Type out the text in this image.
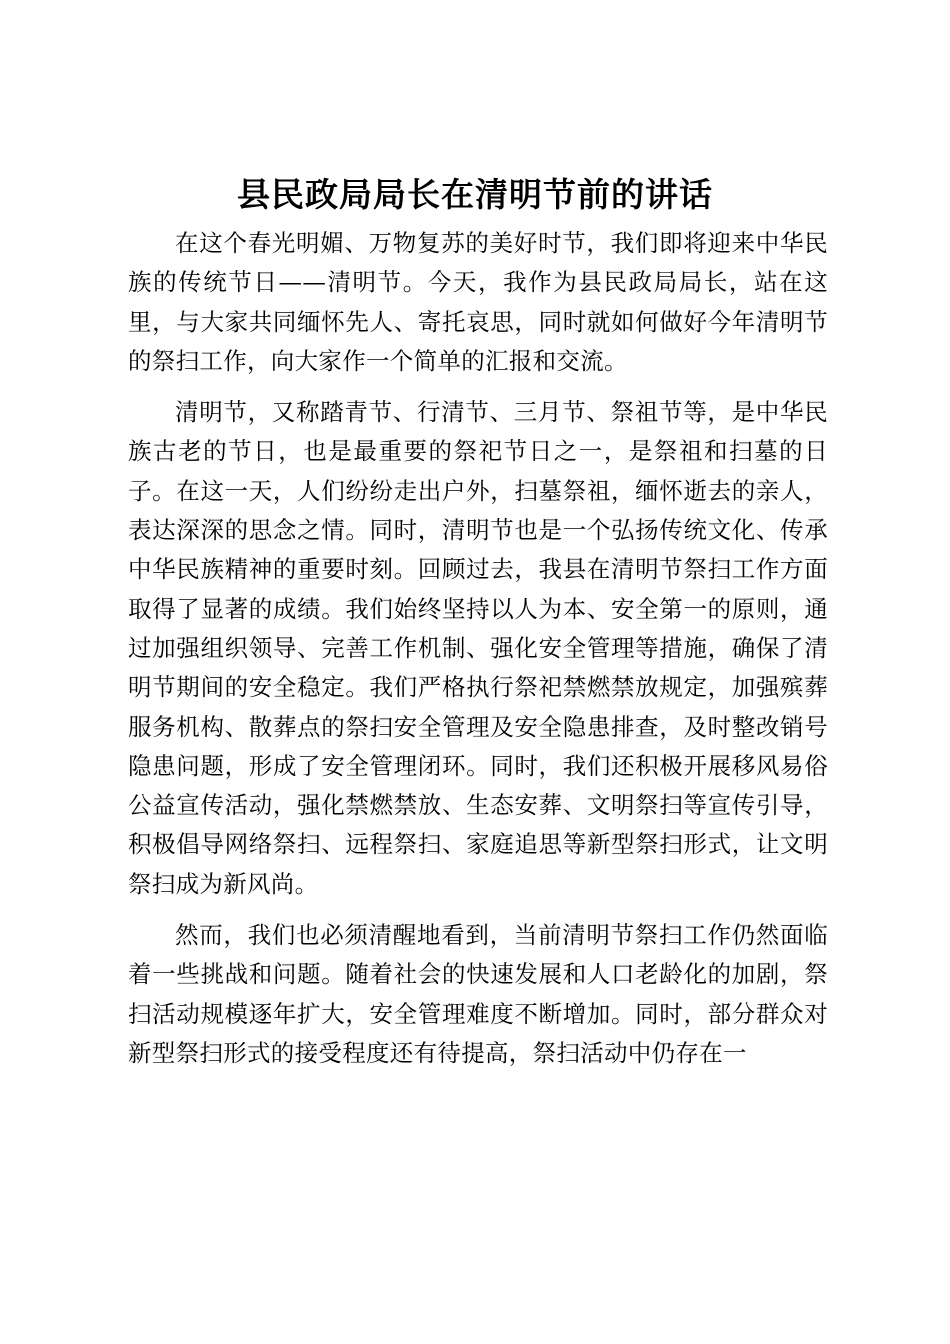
县民政局局长在清明节前的讲话

在这个春光明媚、万物复苏的美好时节，我们即将迎来中华民族的传统节日——清明节。今天，我作为县民政局局长，站在这里，与大家共同缅怀先人、寄托哀思，同时就如何做好今年清明节的祭扫工作，向大家作一个简单的汇报和交流。

清明节，又称踏青节、行清节、三月节、祭祖节等，是中华民族古老的节日，也是最重要的祭祀节日之一，是祭祖和扫墓的日子。在这一天，人们纷纷走出户外，扫墓祭祖，缅怀逝去的亲人，表达深深的思念之情。同时，清明节也是一个弘扬传统文化、传承中华民族精神的重要时刻。回顾过去，我县在清明节祭扫工作方面取得了显著的成绩。我们始终坚持以人为本、安全第一的原则，通过加强组织领导、完善工作机制、强化安全管理等措施，确保了清明节期间的安全稳定。我们严格执行祭祀禁燃禁放规定，加强殡葬服务机构、散葬点的祭扫安全管理及安全隐患排查，及时整改销号隐患问题，形成了安全管理闭环。同时，我们还积极开展移风易俗公益宣传活动，强化禁燃禁放、生态安葬、文明祭扫等宣传引导，积极倡导网络祭扫、远程祭扫、家庭追思等新型祭扫形式，让文明祭扫成为新风尚。

然而，我们也必须清醒地看到，当前清明节祭扫工作仍然面临着一些挑战和问题。随着社会的快速发展和人口老龄化的加剧，祭扫活动规模逐年扩大，安全管理难度不断增加。同时，部分群众对新型祭扫形式的接受程度还有待提高，祭扫活动中仍存在一
